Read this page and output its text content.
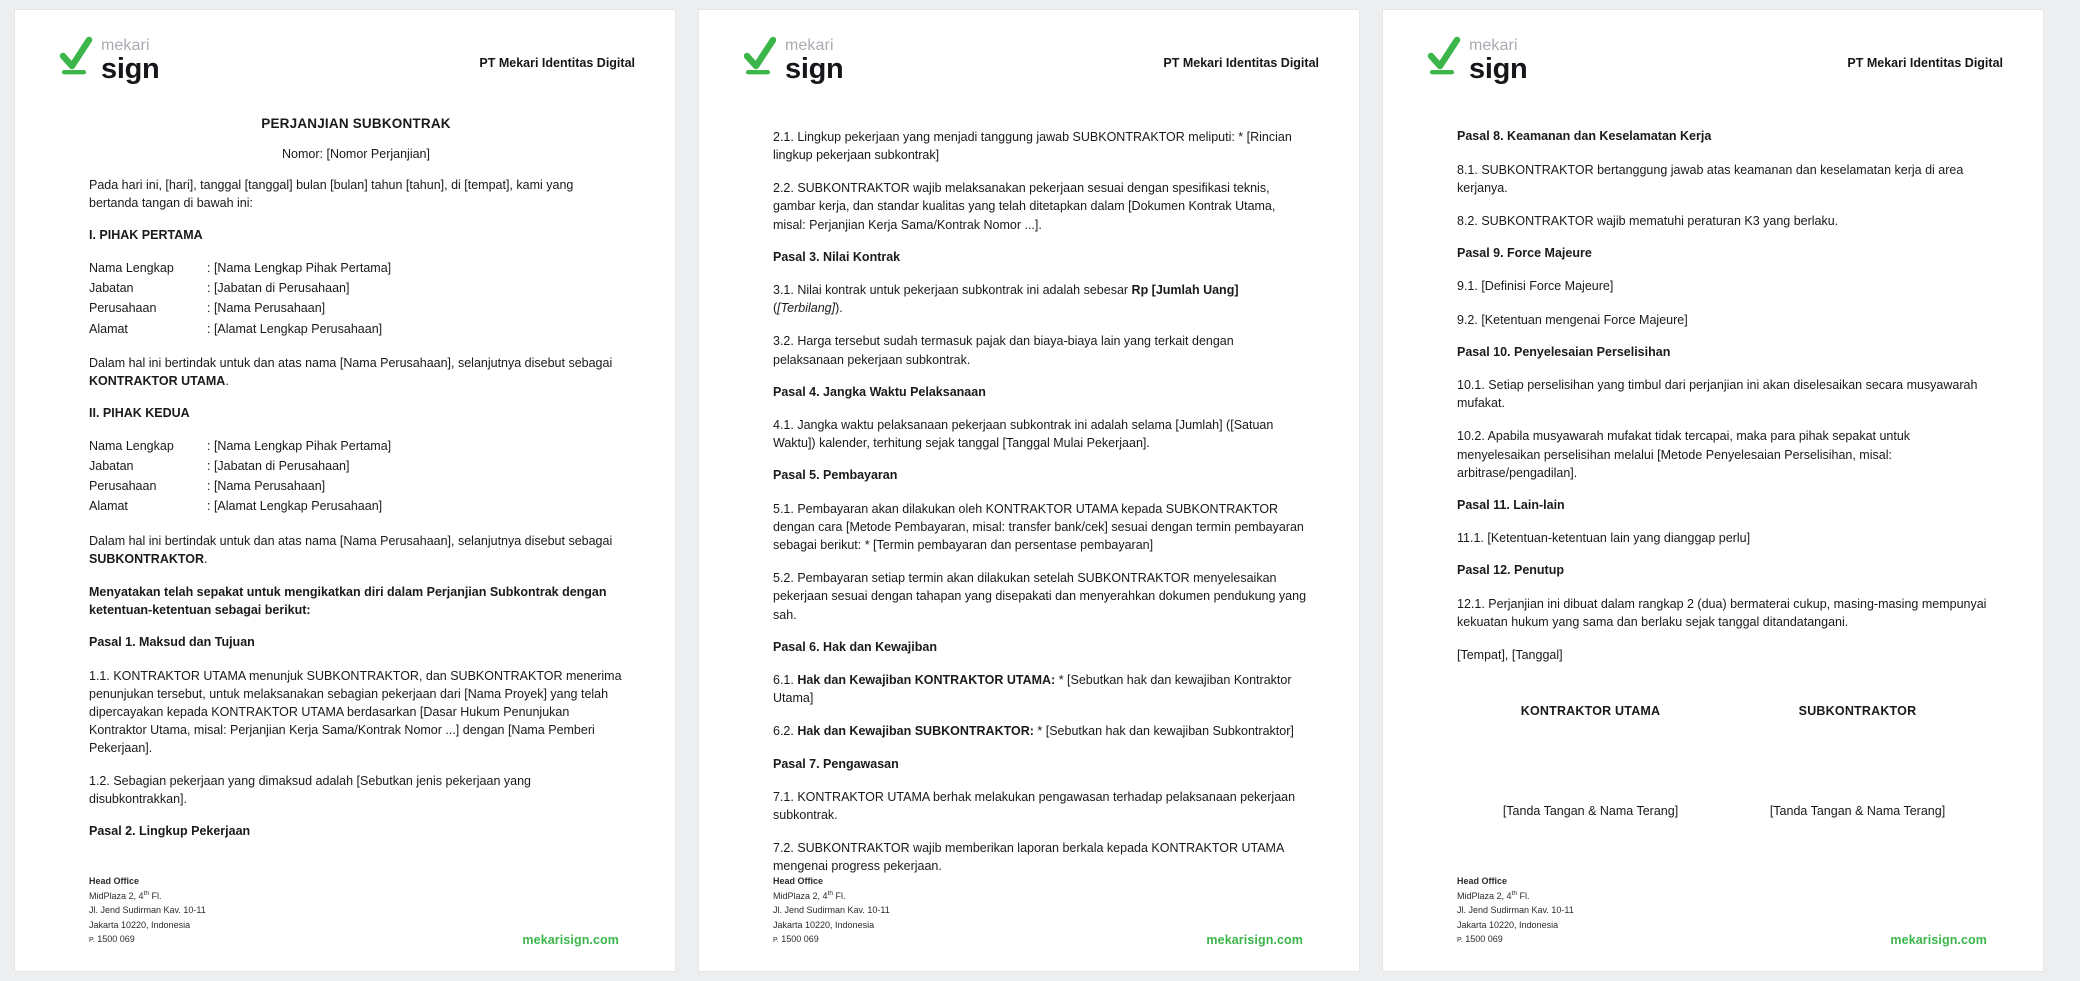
mekari
sign	PT Mekari Identitas Digital
PERJANJIAN SUBKONTRAK
Nomor: [Nomor Perjanjian]

Pada hari ini, [hari], tanggal [tanggal] bulan [bulan] tahun [tahun], di [tempat], kami yang bertanda tangan di bawah ini:

I. PIHAK PERTAMA
Nama Lengkap	: [Nama Lengkap Pihak Pertama]
Jabatan	: [Jabatan di Perusahaan]
Perusahaan	: [Nama Perusahaan]
Alamat	: [Alamat Lengkap Perusahaan]

Dalam hal ini bertindak untuk dan atas nama [Nama Perusahaan], selanjutnya disebut sebagai KONTRAKTOR UTAMA.

II. PIHAK KEDUA
Nama Lengkap	: [Nama Lengkap Pihak Pertama]
Jabatan	: [Jabatan di Perusahaan]
Perusahaan	: [Nama Perusahaan]
Alamat	: [Alamat Lengkap Perusahaan]

Dalam hal ini bertindak untuk dan atas nama [Nama Perusahaan], selanjutnya disebut sebagai SUBKONTRAKTOR.

Menyatakan telah sepakat untuk mengikatkan diri dalam Perjanjian Subkontrak dengan ketentuan-ketentuan sebagai berikut:

Pasal 1. Maksud dan Tujuan

1.1. KONTRAKTOR UTAMA menunjuk SUBKONTRAKTOR, dan SUBKONTRAKTOR menerima penunjukan tersebut, untuk melaksanakan sebagian pekerjaan dari [Nama Proyek] yang telah dipercayakan kepada KONTRAKTOR UTAMA berdasarkan [Dasar Hukum Penunjukan Kontraktor Utama, misal: Perjanjian Kerja Sama/Kontrak Nomor ...] dengan [Nama Pemberi Pekerjaan].

1.2. Sebagian pekerjaan yang dimaksud adalah [Sebutkan jenis pekerjaan yang disubkontrakkan].

Pasal 2. Lingkup Pekerjaan
Head Office
MidPlaza 2, 4th Fl.
Jl. Jend Sudirman Kav. 10-11
Jakarta 10220, Indonesia
P. 1500 069	mekarisign.com
mekari
sign	PT Mekari Identitas Digital

2.1. Lingkup pekerjaan yang menjadi tanggung jawab SUBKONTRAKTOR meliputi: * [Rincian lingkup pekerjaan subkontrak]

2.2. SUBKONTRAKTOR wajib melaksanakan pekerjaan sesuai dengan spesifikasi teknis, gambar kerja, dan standar kualitas yang telah ditetapkan dalam [Dokumen Kontrak Utama, misal: Perjanjian Kerja Sama/Kontrak Nomor ...].

Pasal 3. Nilai Kontrak

3.1. Nilai kontrak untuk pekerjaan subkontrak ini adalah sebesar Rp [Jumlah Uang] ([Terbilang]).

3.2. Harga tersebut sudah termasuk pajak dan biaya-biaya lain yang terkait dengan pelaksanaan pekerjaan subkontrak.

Pasal 4. Jangka Waktu Pelaksanaan

4.1. Jangka waktu pelaksanaan pekerjaan subkontrak ini adalah selama [Jumlah] ([Satuan Waktu]) kalender, terhitung sejak tanggal [Tanggal Mulai Pekerjaan].

Pasal 5. Pembayaran

5.1. Pembayaran akan dilakukan oleh KONTRAKTOR UTAMA kepada SUBKONTRAKTOR dengan cara [Metode Pembayaran, misal: transfer bank/cek] sesuai dengan termin pembayaran sebagai berikut: * [Termin pembayaran dan persentase pembayaran]

5.2. Pembayaran setiap termin akan dilakukan setelah SUBKONTRAKTOR menyelesaikan pekerjaan sesuai dengan tahapan yang disepakati dan menyerahkan dokumen pendukung yang sah.

Pasal 6. Hak dan Kewajiban

6.1. Hak dan Kewajiban KONTRAKTOR UTAMA: * [Sebutkan hak dan kewajiban Kontraktor Utama]

6.2. Hak dan Kewajiban SUBKONTRAKTOR: * [Sebutkan hak dan kewajiban Subkontraktor]

Pasal 7. Pengawasan

7.1. KONTRAKTOR UTAMA berhak melakukan pengawasan terhadap pelaksanaan pekerjaan subkontrak.

7.2. SUBKONTRAKTOR wajib memberikan laporan berkala kepada KONTRAKTOR UTAMA mengenai progress pekerjaan.

Head Office
MidPlaza 2, 4th Fl.
Jl. Jend Sudirman Kav. 10-11
Jakarta 10220, Indonesia
P. 1500 069	mekarisign.com
mekari
sign	PT Mekari Identitas Digital
Pasal 8. Keamanan dan Keselamatan Kerja

8.1. SUBKONTRAKTOR bertanggung jawab atas keamanan dan keselamatan kerja di area kerjanya.

8.2. SUBKONTRAKTOR wajib mematuhi peraturan K3 yang berlaku.

Pasal 9. Force Majeure

9.1. [Definisi Force Majeure]

9.2. [Ketentuan mengenai Force Majeure]

Pasal 10. Penyelesaian Perselisihan

10.1. Setiap perselisihan yang timbul dari perjanjian ini akan diselesaikan secara musyawarah mufakat.

10.2. Apabila musyawarah mufakat tidak tercapai, maka para pihak sepakat untuk menyelesaikan perselisihan melalui [Metode Penyelesaian Perselisihan, misal: arbitrase/pengadilan].

Pasal 11. Lain-lain

11.1. [Ketentuan-ketentuan lain yang dianggap perlu]

Pasal 12. Penutup

12.1. Perjanjian ini dibuat dalam rangkap 2 (dua) bermaterai cukup, masing-masing mempunyai kekuatan hukum yang sama dan berlaku sejak tanggal ditandatangani.

[Tempat], [Tanggal]

KONTRAKTOR UTAMA
[Tanda Tangan & Nama Terang]
SUBKONTRAKTOR
[Tanda Tangan & Nama Terang]
Head Office
MidPlaza 2, 4th Fl.
Jl. Jend Sudirman Kav. 10-11
Jakarta 10220, Indonesia
P. 1500 069	mekarisign.com
